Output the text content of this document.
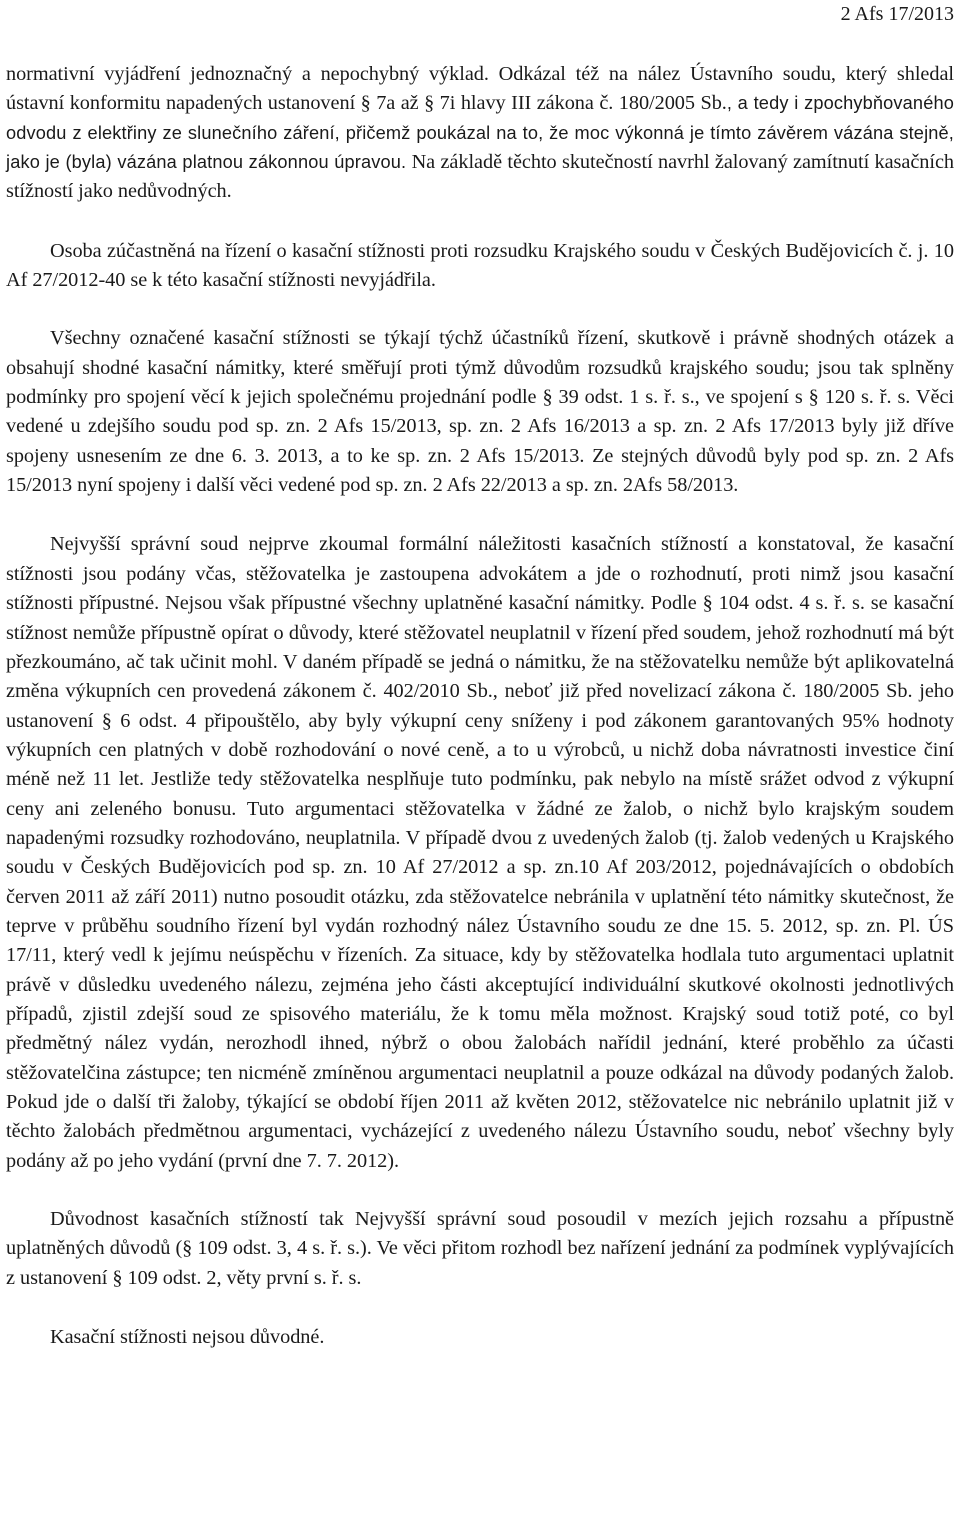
2 Afs 17/2013

normativní vyjádření jednoznačný a nepochybný výklad. Odkázal též na nález Ústavního soudu, který shledal ústavní konformitu napadených ustanovení § 7a až § 7i hlavy III zákona č. 180/2005 Sb., a tedy i zpochybňovaného odvodu z elektřiny ze slunečního záření, přičemž poukázal na to, že moc výkonná je tímto závěrem vázána stejně, jako je (byla) vázána platnou zákonnou úpravou. Na základě těchto skutečností navrhl žalovaný zamítnutí kasačních stížností jako nedůvodných.

Osoba zúčastněná na řízení o kasační stížnosti proti rozsudku Krajského soudu v Českých Budějovicích č. j. 10 Af 27/2012-40 se k této kasační stížnosti nevyjádřila.

Všechny označené kasační stížnosti se týkají týchž účastníků řízení, skutkově i právně shodných otázek a obsahují shodné kasační námitky, které směřují proti týmž důvodům rozsudků krajského soudu; jsou tak splněny podmínky pro spojení věcí k jejich společnému projednání podle § 39 odst. 1 s. ř. s., ve spojení s § 120 s. ř. s. Věci vedené u zdejšího soudu pod sp. zn. 2 Afs 15/2013, sp. zn. 2 Afs 16/2013 a sp. zn. 2 Afs 17/2013 byly již dříve spojeny usnesením ze dne 6. 3. 2013, a to ke sp. zn. 2 Afs 15/2013. Ze stejných důvodů byly pod sp. zn. 2 Afs 15/2013 nyní spojeny i další věci vedené pod sp. zn. 2 Afs 22/2013 a sp. zn. 2Afs 58/2013.

Nejvyšší správní soud nejprve zkoumal formální náležitosti kasačních stížností a konstatoval, že kasační stížnosti jsou podány včas, stěžovatelka je zastoupena advokátem a jde o rozhodnutí, proti nimž jsou kasační stížnosti přípustné. Nejsou však přípustné všechny uplatněné kasační námitky. Podle § 104 odst. 4 s. ř. s. se kasační stížnost nemůže přípustně opírat o důvody, které stěžovatel neuplatnil v řízení před soudem, jehož rozhodnutí má být přezkoumáno, ač tak učinit mohl. V daném případě se jedná o námitku, že na stěžovatelku nemůže být aplikovatelná změna výkupních cen provedená zákonem č. 402/2010 Sb., neboť již před novelizací zákona č. 180/2005 Sb. jeho ustanovení § 6 odst. 4 připouštělo, aby byly výkupní ceny sníženy i pod zákonem garantovaných 95% hodnoty výkupních cen platných v době rozhodování o nové ceně, a to u výrobců, u nichž doba návratnosti investice činí méně než 11 let. Jestliže tedy stěžovatelka nesplňuje tuto podmínku, pak nebylo na místě srážet odvod z výkupní ceny ani zeleného bonusu. Tuto argumentaci stěžovatelka v žádné ze žalob, o nichž bylo krajským soudem napadenými rozsudky rozhodováno, neuplatnila. V případě dvou z uvedených žalob (tj. žalob vedených u Krajského soudu v Českých Budějovicích pod sp. zn. 10 Af 27/2012 a sp. zn.10 Af 203/2012, pojednávajících o obdobích červen 2011 až září 2011) nutno posoudit otázku, zda stěžovatelce nebránila v uplatnění této námitky skutečnost, že teprve v průběhu soudního řízení byl vydán rozhodný nález Ústavního soudu ze dne 15. 5. 2012, sp. zn. Pl. ÚS 17/11, který vedl k jejímu neúspěchu v řízeních. Za situace, kdy by stěžovatelka hodlala tuto argumentaci uplatnit právě v důsledku uvedeného nálezu, zejména jeho části akceptující individuální skutkové okolnosti jednotlivých případů, zjistil zdejší soud ze spisového materiálu, že k tomu měla možnost. Krajský soud totiž poté, co byl předmětný nález vydán, nerozhodl ihned, nýbrž o obou žalobách nařídil jednání, které proběhlo za účasti stěžovatelčina zástupce; ten nicméně zmíněnou argumentaci neuplatnil a pouze odkázal na důvody podaných žalob. Pokud jde o další tři žaloby, týkající se období říjen 2011 až květen 2012, stěžovatelce nic nebránilo uplatnit již v těchto žalobách předmětnou argumentaci, vycházející z uvedeného nálezu Ústavního soudu, neboť všechny byly podány až po jeho vydání (první dne 7. 7. 2012).

Důvodnost kasačních stížností tak Nejvyšší správní soud posoudil v mezích jejich rozsahu a přípustně uplatněných důvodů (§ 109 odst. 3, 4 s. ř. s.). Ve věci přitom rozhodl bez nařízení jednání za podmínek vyplývajících z ustanovení § 109 odst. 2, věty první s. ř. s.

Kasační stížnosti nejsou důvodné.
